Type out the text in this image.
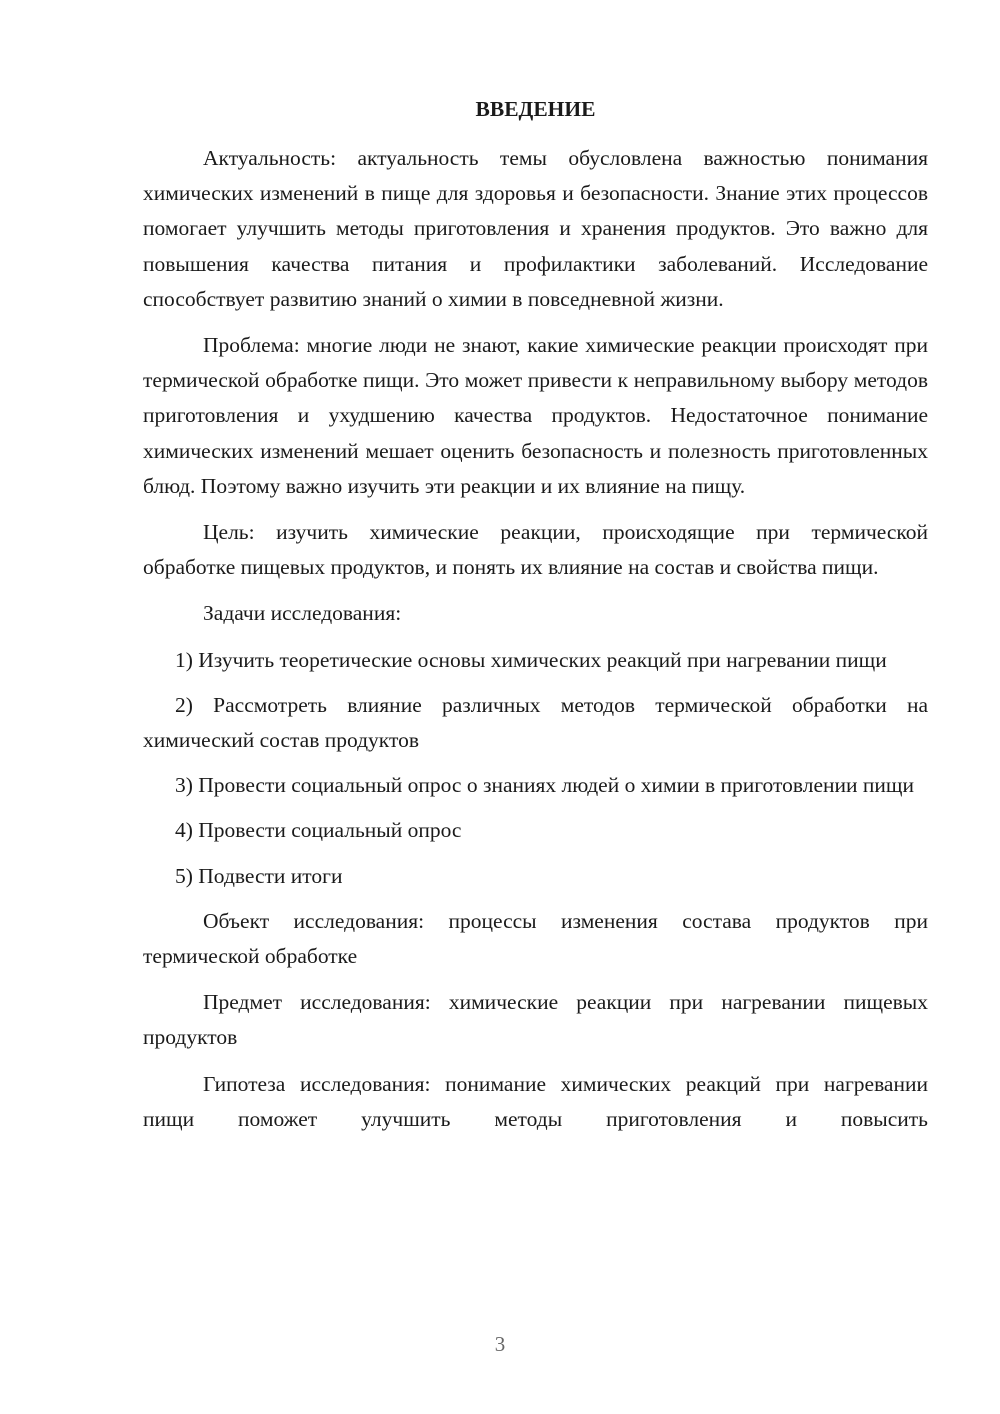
ВВЕДЕНИЕ

Актуальность: актуальность темы обусловлена важностью понимания химических изменений в пище для здоровья и безопасности. Знание этих процессов помогает улучшить методы приготовления и хранения продуктов. Это важно для повышения качества питания и профилактики заболеваний. Исследование способствует развитию знаний о химии в повседневной жизни.

Проблема: многие люди не знают, какие химические реакции происходят при термической обработке пищи. Это может привести к неправильному выбору методов приготовления и ухудшению качества продуктов. Недостаточное понимание химических изменений мешает оценить безопасность и полезность приготовленных блюд. Поэтому важно изучить эти реакции и их влияние на пищу.

Цель: изучить химические реакции, происходящие при термической обработке пищевых продуктов, и понять их влияние на состав и свойства пищи.

Задачи исследования:

1) Изучить теоретические основы химических реакций при нагревании пищи

2) Рассмотреть влияние различных методов термической обработки на химический состав продуктов

3) Провести социальный опрос о знаниях людей о химии в приготовлении пищи

4) Провести социальный опрос

5) Подвести итоги

Объект исследования: процессы изменения состава продуктов при термической обработке

Предмет исследования: химические реакции при нагревании пищевых продуктов

Гипотеза исследования: понимание химических реакций при нагревании пищи поможет улучшить методы приготовления и повысить

3
